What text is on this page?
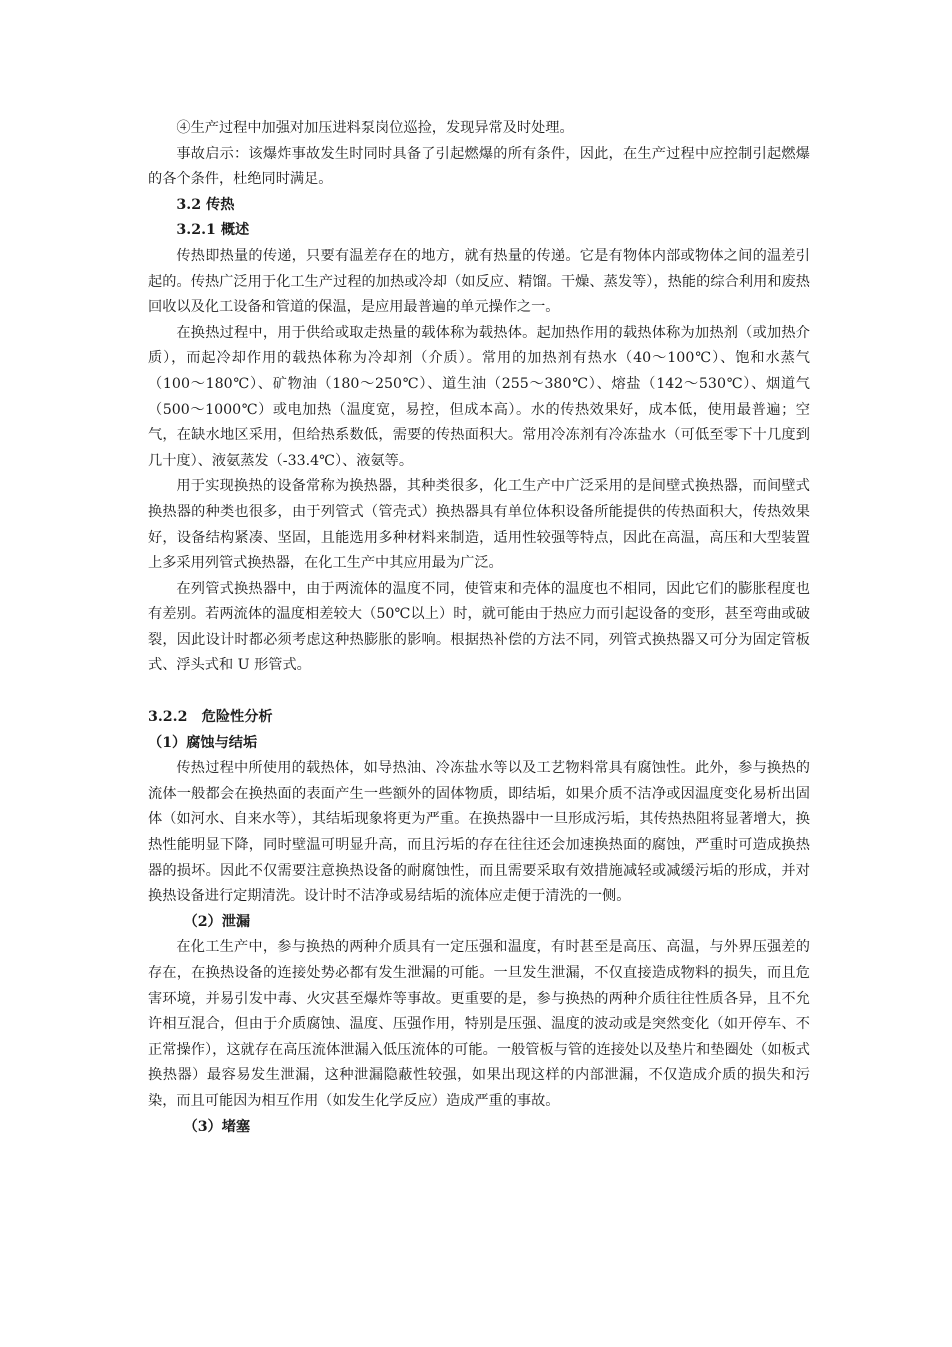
④生产过程中加强对加压进料泵岗位巡捡，发现异常及时处理。

事故启示：该爆炸事故发生时同时具备了引起燃爆的所有条件，因此，在生产过程中应控制引起燃爆的各个条件，杜绝同时满足。

3.2 传热

3.2.1 概述

传热即热量的传递，只要有温差存在的地方，就有热量的传递。它是有物体内部或物体之间的温差引起的。传热广泛用于化工生产过程的加热或冷却（如反应、精馏。干燥、蒸发等），热能的综合利用和废热回收以及化工设备和管道的保温，是应用最普遍的单元操作之一。

在换热过程中，用于供给或取走热量的载体称为载热体。起加热作用的载热体称为加热剂（或加热介质），而起冷却作用的载热体称为冷却剂（介质）。常用的加热剂有热水（40～100℃）、饱和水蒸气（100～180℃）、矿物油（180～250℃）、道生油（255～380℃）、熔盐（142～530℃）、烟道气（500～1000℃）或电加热（温度宽，易控，但成本高）。水的传热效果好，成本低，使用最普遍；空气，在缺水地区采用，但给热系数低，需要的传热面积大。常用冷冻剂有冷冻盐水（可低至零下十几度到几十度）、液氨蒸发（-33.4℃）、液氨等。

用于实现换热的设备常称为换热器，其种类很多，化工生产中广泛采用的是间壁式换热器，而间壁式换热器的种类也很多，由于列管式（管壳式）换热器具有单位体积设备所能提供的传热面积大，传热效果好，设备结构紧凑、坚固，且能选用多种材料来制造，适用性较强等特点，因此在高温，高压和大型装置上多采用列管式换热器，在化工生产中其应用最为广泛。

在列管式换热器中，由于两流体的温度不同，使管束和壳体的温度也不相同，因此它们的膨胀程度也有差别。若两流体的温度相差较大（50℃以上）时，就可能由于热应力而引起设备的变形，甚至弯曲或破裂，因此设计时都必须考虑这种热膨胀的影响。根据热补偿的方法不同，列管式换热器又可分为固定管板式、浮头式和 U 形管式。

3.2.2　危险性分析

（1）腐蚀与结垢

传热过程中所使用的载热体，如导热油、冷冻盐水等以及工艺物料常具有腐蚀性。此外，参与换热的流体一般都会在换热面的表面产生一些额外的固体物质，即结垢，如果介质不洁净或因温度变化易析出固体（如河水、自来水等），其结垢现象将更为严重。在换热器中一旦形成污垢，其传热热阻将显著增大，换热性能明显下降，同时壁温可明显升高，而且污垢的存在往往还会加速换热面的腐蚀，严重时可造成换热器的损坏。因此不仅需要注意换热设备的耐腐蚀性，而且需要采取有效措施减轻或减缓污垢的形成，并对换热设备进行定期清洗。设计时不洁净或易结垢的流体应走便于清洗的一侧。

（2）泄漏

在化工生产中，参与换热的两种介质具有一定压强和温度，有时甚至是高压、高温，与外界压强差的存在，在换热设备的连接处势必都有发生泄漏的可能。一旦发生泄漏，不仅直接造成物料的损失，而且危害环境，并易引发中毒、火灾甚至爆炸等事故。更重要的是，参与换热的两种介质往往性质各异，且不允许相互混合，但由于介质腐蚀、温度、压强作用，特别是压强、温度的波动或是突然变化（如开停车、不正常操作），这就存在高压流体泄漏入低压流体的可能。一般管板与管的连接处以及垫片和垫圈处（如板式换热器）最容易发生泄漏，这种泄漏隐蔽性较强，如果出现这样的内部泄漏，不仅造成介质的损失和污染，而且可能因为相互作用（如发生化学反应）造成严重的事故。

（3）堵塞
